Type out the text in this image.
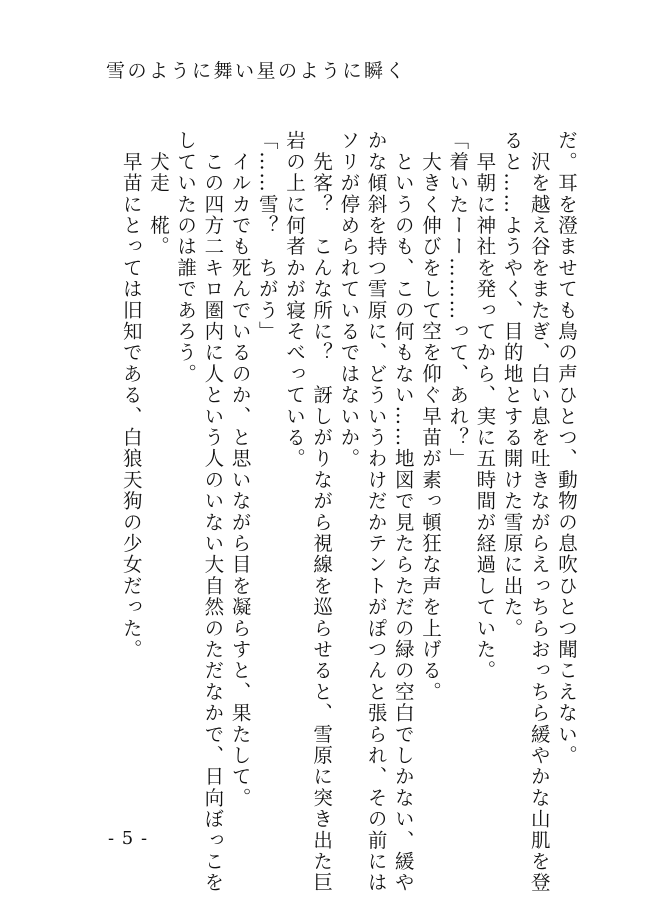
雪のように舞い星のように瞬く

だ。耳を澄ませても鳥の声ひとつ、動物の息吹ひとつ聞こえない。

　沢を越え谷をまたぎ、白い息を吐きながらえっちらおっちら緩やかな山肌を登

ると……ようやく、目的地とする開けた雪原に出た。

　早朝に神社を発ってから、実に五時間が経過していた。

「着いたーー………って、あれ？」

　大きく伸びをして空を仰ぐ早苗が素っ頓狂な声を上げる。

　というのも、この何もない……地図で見たらただの緑の空白でしかない、緩や

かな傾斜を持つ雪原に、どういうわけだかテントがぽつんと張られ、その前には

ソリが停められているではないか。

　先客？　こんな所に？　訝しがりながら視線を巡らせると、雪原に突き出た巨

岩の上に何者かが寝そべっている。

「……雪？　ちがう」

　イルカでも死んでいるのか、と思いながら目を凝らすと、果たして。

　この四方二キロ圏内に人という人のいない大自然のただなかで、日向ぼっこを

していたのは誰であろう。

　犬走　椛。

　早苗にとっては旧知である、白狼天狗の少女だった。

- 5 -
